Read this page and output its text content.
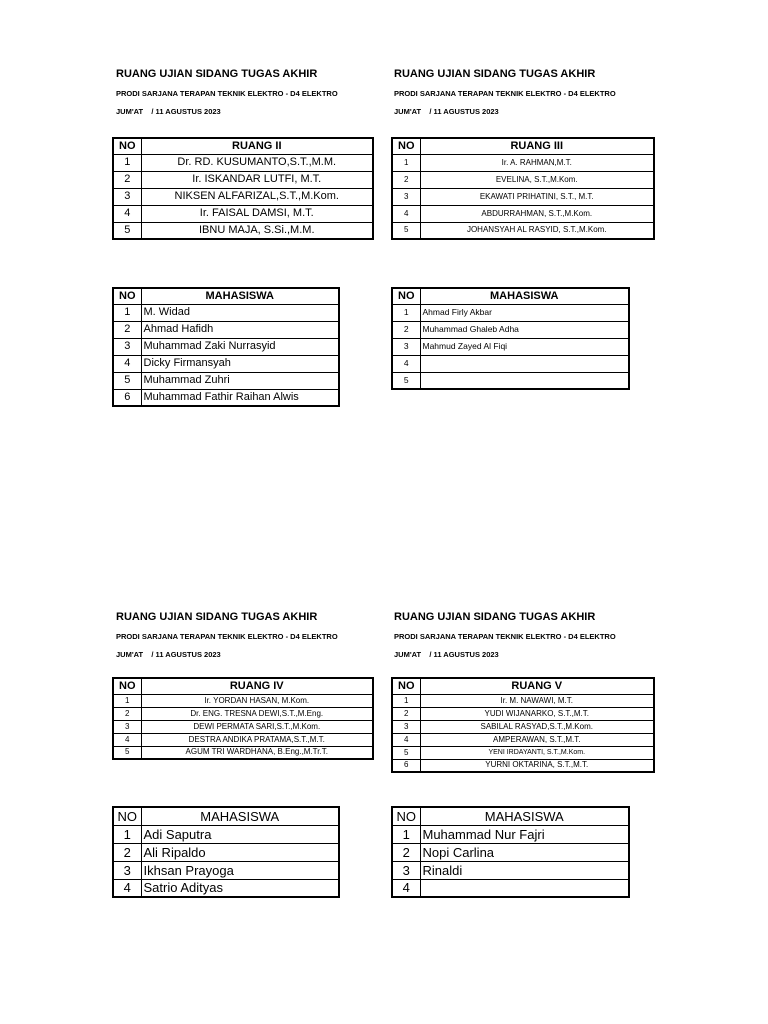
RUANG UJIAN SIDANG TUGAS AKHIR
PRODI SARJANA TERAPAN TEKNIK ELEKTRO - D4 ELEKTRO
JUM'AT    / 11 AGUSTUS 2023
NO	RUANG II
1	Dr. RD. KUSUMANTO,S.T.,M.M.
2	Ir. ISKANDAR LUTFI, M.T.
3	NIKSEN ALFARIZAL,S.T.,M.Kom.
4	Ir. FAISAL DAMSI, M.T.
5	IBNU MAJA, S.Si.,M.M.
NO	MAHASISWA
1	M. Widad
2	Ahmad Hafidh
3	Muhammad Zaki Nurrasyid
4	Dicky Firmansyah
5	Muhammad Zuhri
6	Muhammad Fathir Raihan Alwis
RUANG UJIAN SIDANG TUGAS AKHIR
PRODI SARJANA TERAPAN TEKNIK ELEKTRO - D4 ELEKTRO
JUM'AT    / 11 AGUSTUS 2023
NO	RUANG III
1	Ir. A. RAHMAN,M.T.
2	EVELINA, S.T.,M.Kom.
3	EKAWATI PRIHATINI, S.T., M.T.
4	ABDURRAHMAN, S.T.,M.Kom.
5	JOHANSYAH AL RASYID, S.T.,M.Kom.
NO	MAHASISWA
1	Ahmad Firly Akbar
2	Muhammad Ghaleb Adha
3	Mahmud Zayed Al Fiqi
4	
5	
RUANG UJIAN SIDANG TUGAS AKHIR
PRODI SARJANA TERAPAN TEKNIK ELEKTRO - D4 ELEKTRO
JUM'AT    / 11 AGUSTUS 2023
NO	RUANG IV
1	Ir. YORDAN HASAN, M.Kom.
2	Dr. ENG. TRESNA DEWI,S.T.,M.Eng.
3	DEWI PERMATA SARI,S.T.,M.Kom.
4	DESTRA ANDIKA PRATAMA,S.T.,M.T.
5	AGUM TRI WARDHANA, B.Eng.,M.Tr.T.
NO	MAHASISWA
1	Adi Saputra
2	Ali Ripaldo
3	Ikhsan Prayoga
4	Satrio Adityas
RUANG UJIAN SIDANG TUGAS AKHIR
PRODI SARJANA TERAPAN TEKNIK ELEKTRO - D4 ELEKTRO
JUM'AT    / 11 AGUSTUS 2023
NO	RUANG V
1	Ir. M. NAWAWI, M.T.
2	YUDI WIJANARKO, S.T.,M.T.
3	SABILAL RASYAD,S.T.,M.Kom.
4	AMPERAWAN, S.T.,M.T.
5	YENI IRDAYANTI, S.T.,M.Kom.
6	YURNI OKTARINA, S.T.,M.T.
NO	MAHASISWA
1	Muhammad Nur Fajri
2	Nopi Carlina
3	Rinaldi
4	
